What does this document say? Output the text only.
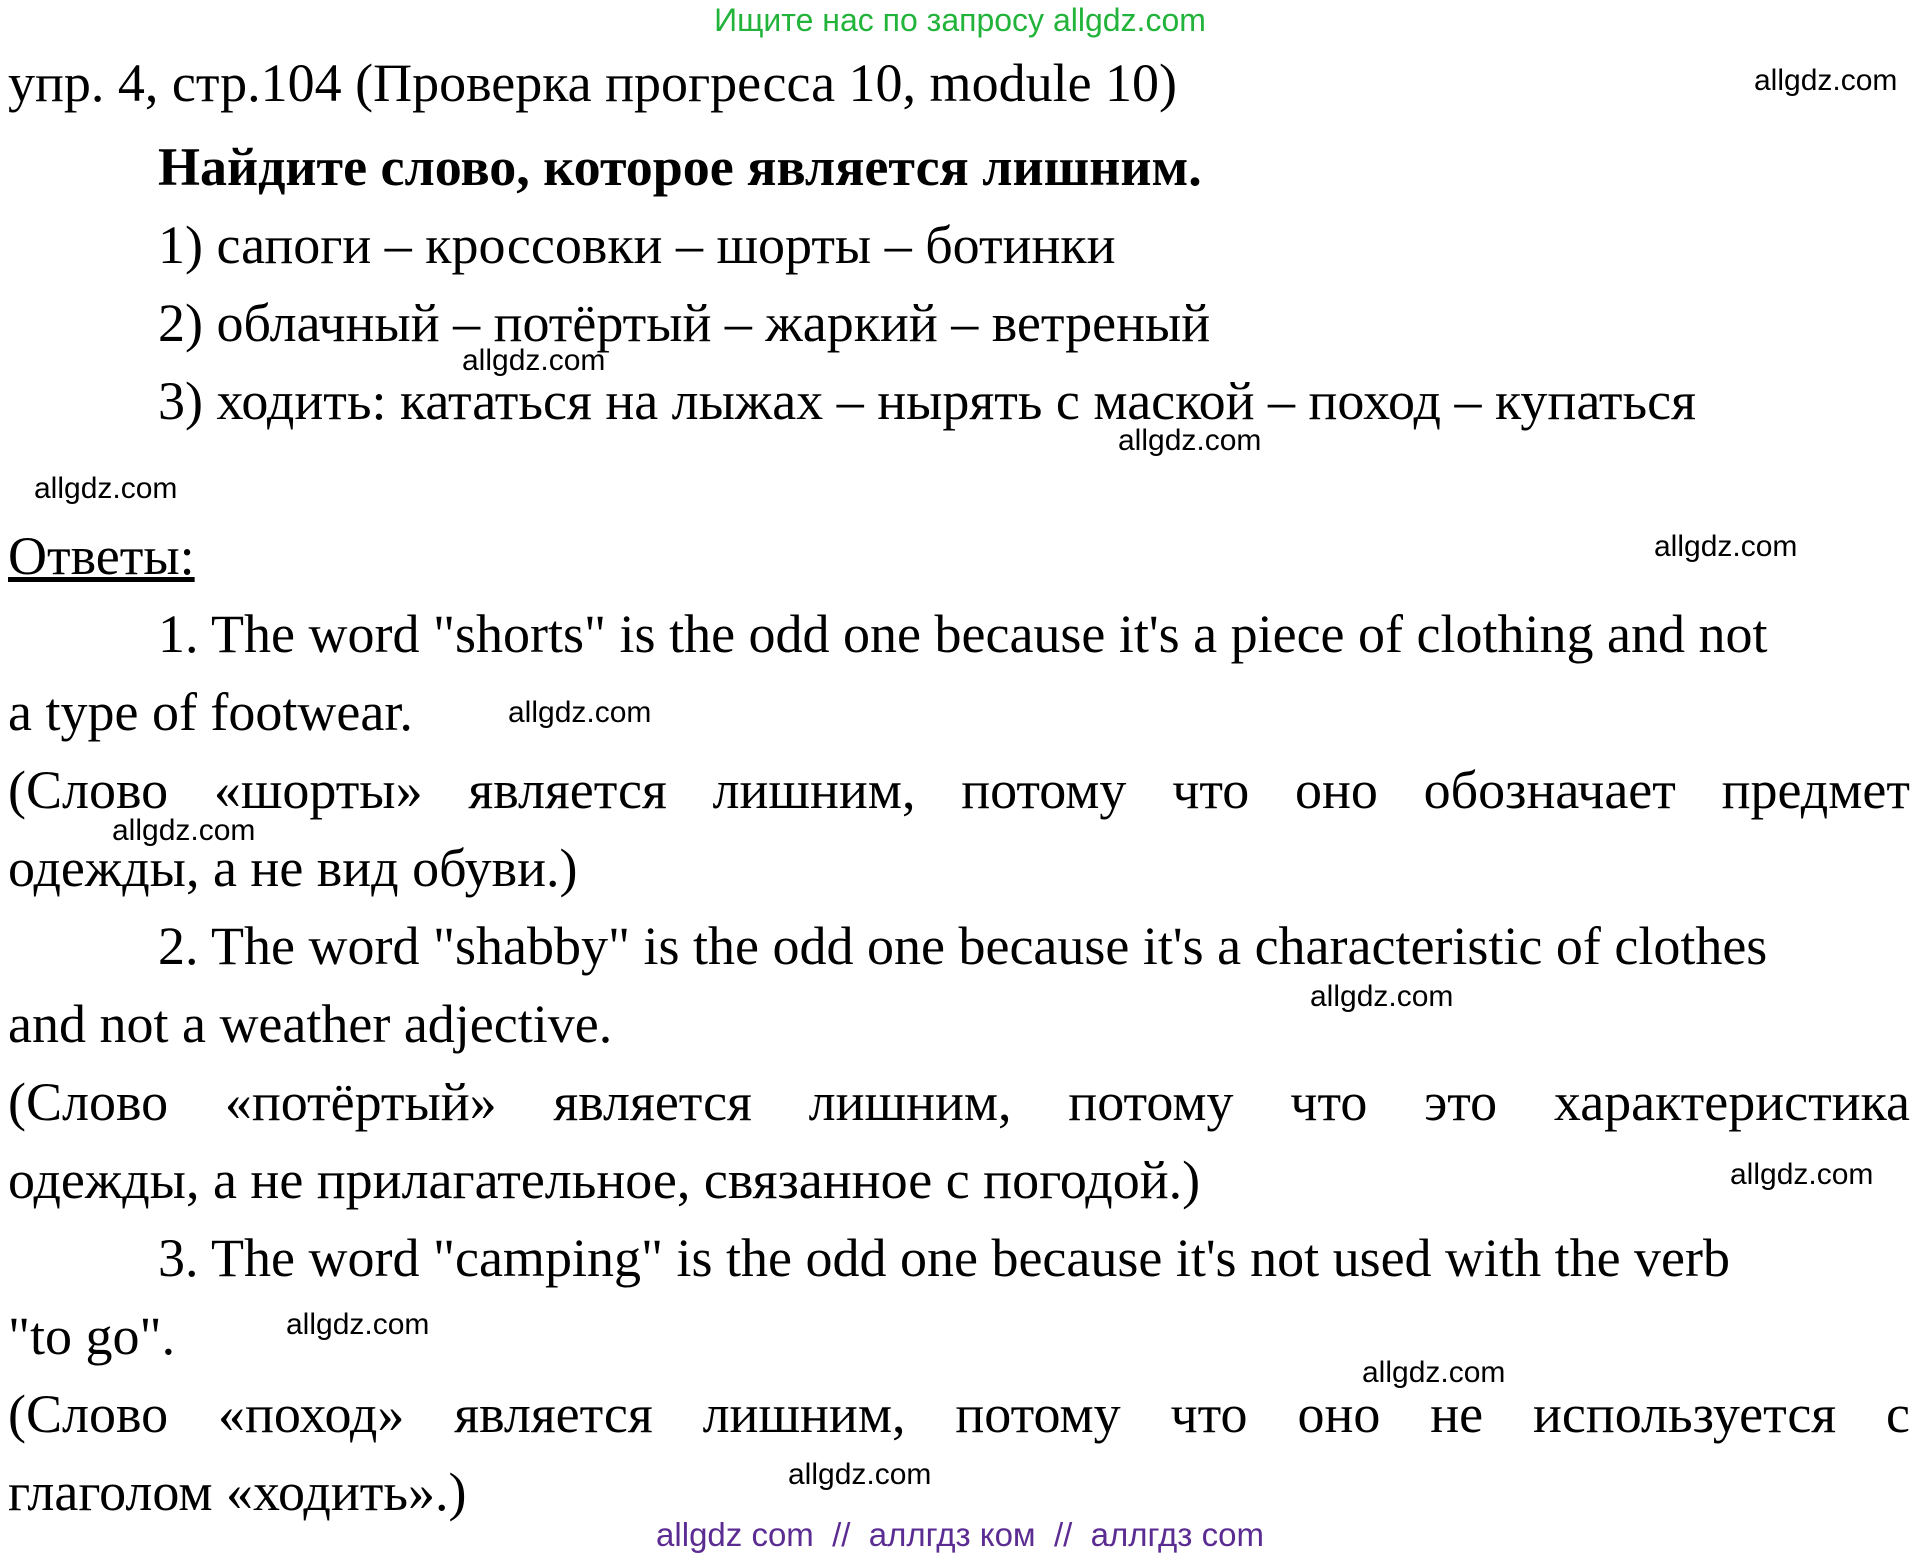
Ищите нас по запросу allgdz.com
упр. 4, стр.104 (Проверка прогресса 10, module 10)
Найдите слово, которое является лишним.
1) сапоги – кроссовки – шорты – ботинки
2) облачный – потёртый – жаркий – ветреный
3) ходить: кататься на лыжах – нырять с маской – поход – купаться
Ответы:
1. The word "shorts" is the odd one because it's a piece of clothing and not
a type of footwear.
(Слово «шорты» является лишним, потому что оно обозначает предмет
одежды, а не вид обуви.)
2. The word "shabby" is the odd one because it's a characteristic of clothes
and not a weather adjective.
(Слово «потёртый» является лишним, потому что это характеристика
одежды, а не прилагательное, связанное с погодой.)
3. The word "camping" is the odd one because it's not used with the verb
"to go".
(Слово «поход» является лишним, потому что оно не используется с
глаголом «ходить».)
allgdz.com
allgdz.com
allgdz.com
allgdz.com
allgdz.com
allgdz.com
allgdz.com
allgdz.com
allgdz.com
allgdz.com
allgdz.com
allgdz.com
allgdz com  //  аллгдз ком  //  аллгдз com
